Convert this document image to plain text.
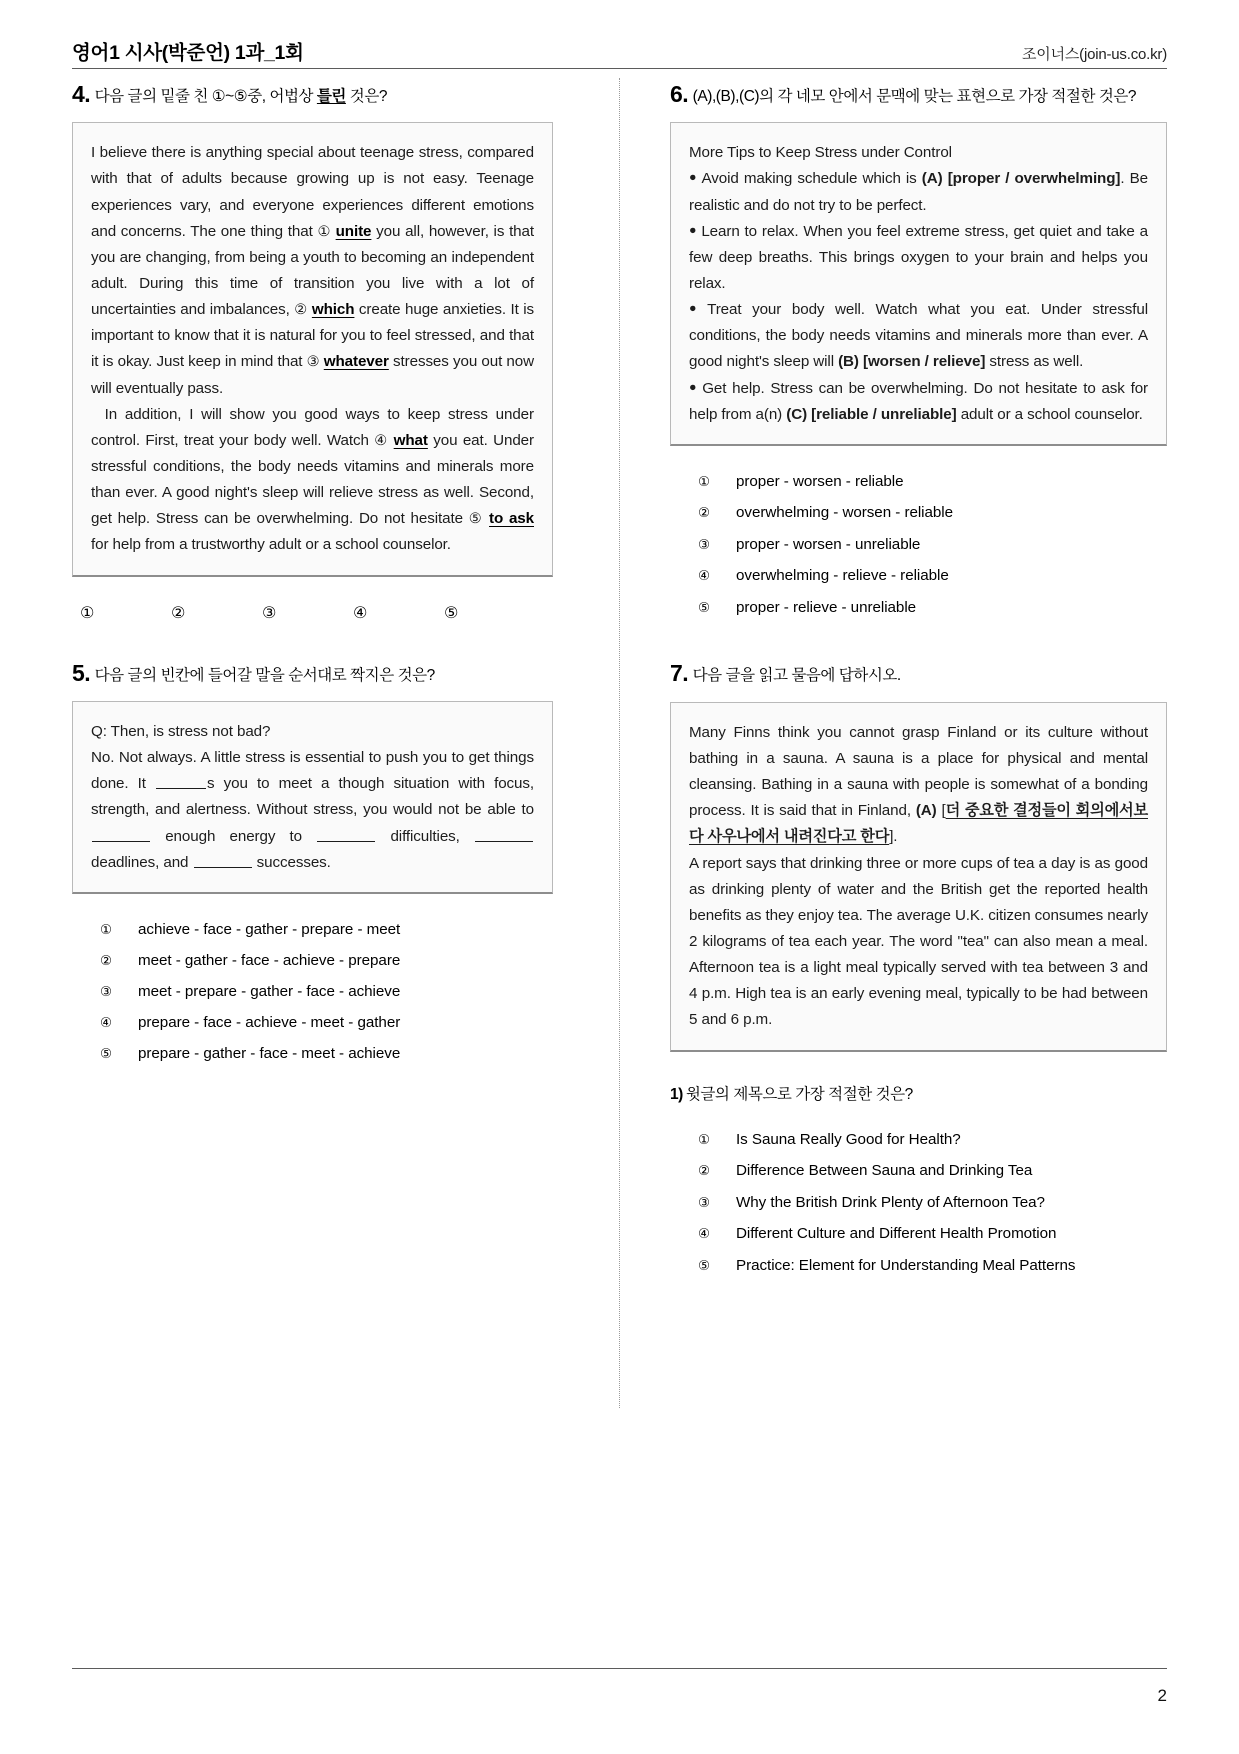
영어1 시사(박준언) 1과_1회	조이너스(join-us.co.kr)
4. 다음 글의 밑줄 친 ①~⑤중, 어법상 틀린 것은?

I believe there is anything special about teenage stress, compared with that of adults because growing up is not easy. Teenage experiences vary, and everyone experiences different emotions and concerns. The one thing that ① unite you all, however, is that you are changing, from being a youth to becoming an independent adult. During this time of transition you live with a lot of uncertainties and imbalances, ② which create huge anxieties. It is important to know that it is natural for you to feel stressed, and that it is okay. Just keep in mind that ③ whatever stresses you out now will eventually pass.

In addition, I will show you good ways to keep stress under control. First, treat your body well. Watch ④ what you eat. Under stressful conditions, the body needs vitamins and minerals more than ever. A good night's sleep will relieve stress as well. Second, get help. Stress can be overwhelming. Do not hesitate ⑤ to ask for help from a trustworthy adult or a school counselor.

①	②	③	④	⑤
5. 다음 글의 빈칸에 들어갈 말을 순서대로 짝지은 것은?

Q: Then, is stress not bad?

No. Not always. A little stress is essential to push you to get things done. It	s you to meet a though situation with focus, strength, and alertness. Without stress, you would not be able to  enough energy to	difficulties,  deadlines, and	successes.

①	achieve - face - gather - prepare - meet
②	meet - gather - face - achieve - prepare
③	meet - prepare - gather - face - achieve
④	prepare - face - achieve - meet - gather
⑤	prepare - gather - face - meet - achieve
6. (A),(B),(C)의 각 네모 안에서 문맥에 맞는 표현으로 가장 적절한 것은?

More Tips to Keep Stress under Control

● Avoid making schedule which is (A) [proper / overwhelming]. Be realistic and do not try to be perfect.

● Learn to relax. When you feel extreme stress, get quiet and take a few deep breaths. This brings oxygen to your brain and helps you relax.

● Treat your body well. Watch what you eat. Under stressful conditions, the body needs vitamins and minerals more than ever. A good night's sleep will (B) [worsen / relieve] stress as well.

● Get help. Stress can be overwhelming. Do not hesitate to ask for help from a(n) (C) [reliable / unreliable] adult or a school counselor.

①	proper - worsen - reliable
②	overwhelming - worsen - reliable
③	proper - worsen - unreliable
④	overwhelming - relieve - reliable
⑤	proper - relieve - unreliable
7. 다음 글을 읽고 물음에 답하시오.

Many Finns think you cannot grasp Finland or its culture without bathing in a sauna. A sauna is a place for physical and mental cleansing. Bathing in a sauna with people is somewhat of a bonding process. It is said that in Finland, (A) [더 중요한 결정들이 회의에서보다 사우나에서 내려진다고 한다].

A report says that drinking three or more cups of tea a day is as good as drinking plenty of water and the British get the reported health benefits as they enjoy tea. The average U.K. citizen consumes nearly 2 kilograms of tea each year. The word "tea" can also mean a meal. Afternoon tea is a light meal typically served with tea between 3 and 4 p.m. High tea is an early evening meal, typically to be had between 5 and 6 p.m.

1) 윗글의 제목으로 가장 적절한 것은?
①	Is Sauna Really Good for Health?
②	Difference Between Sauna and Drinking Tea
③	Why the British Drink Plenty of Afternoon Tea?
④	Different Culture and Different Health Promotion
⑤	Practice: Element for Understanding Meal Patterns
2
